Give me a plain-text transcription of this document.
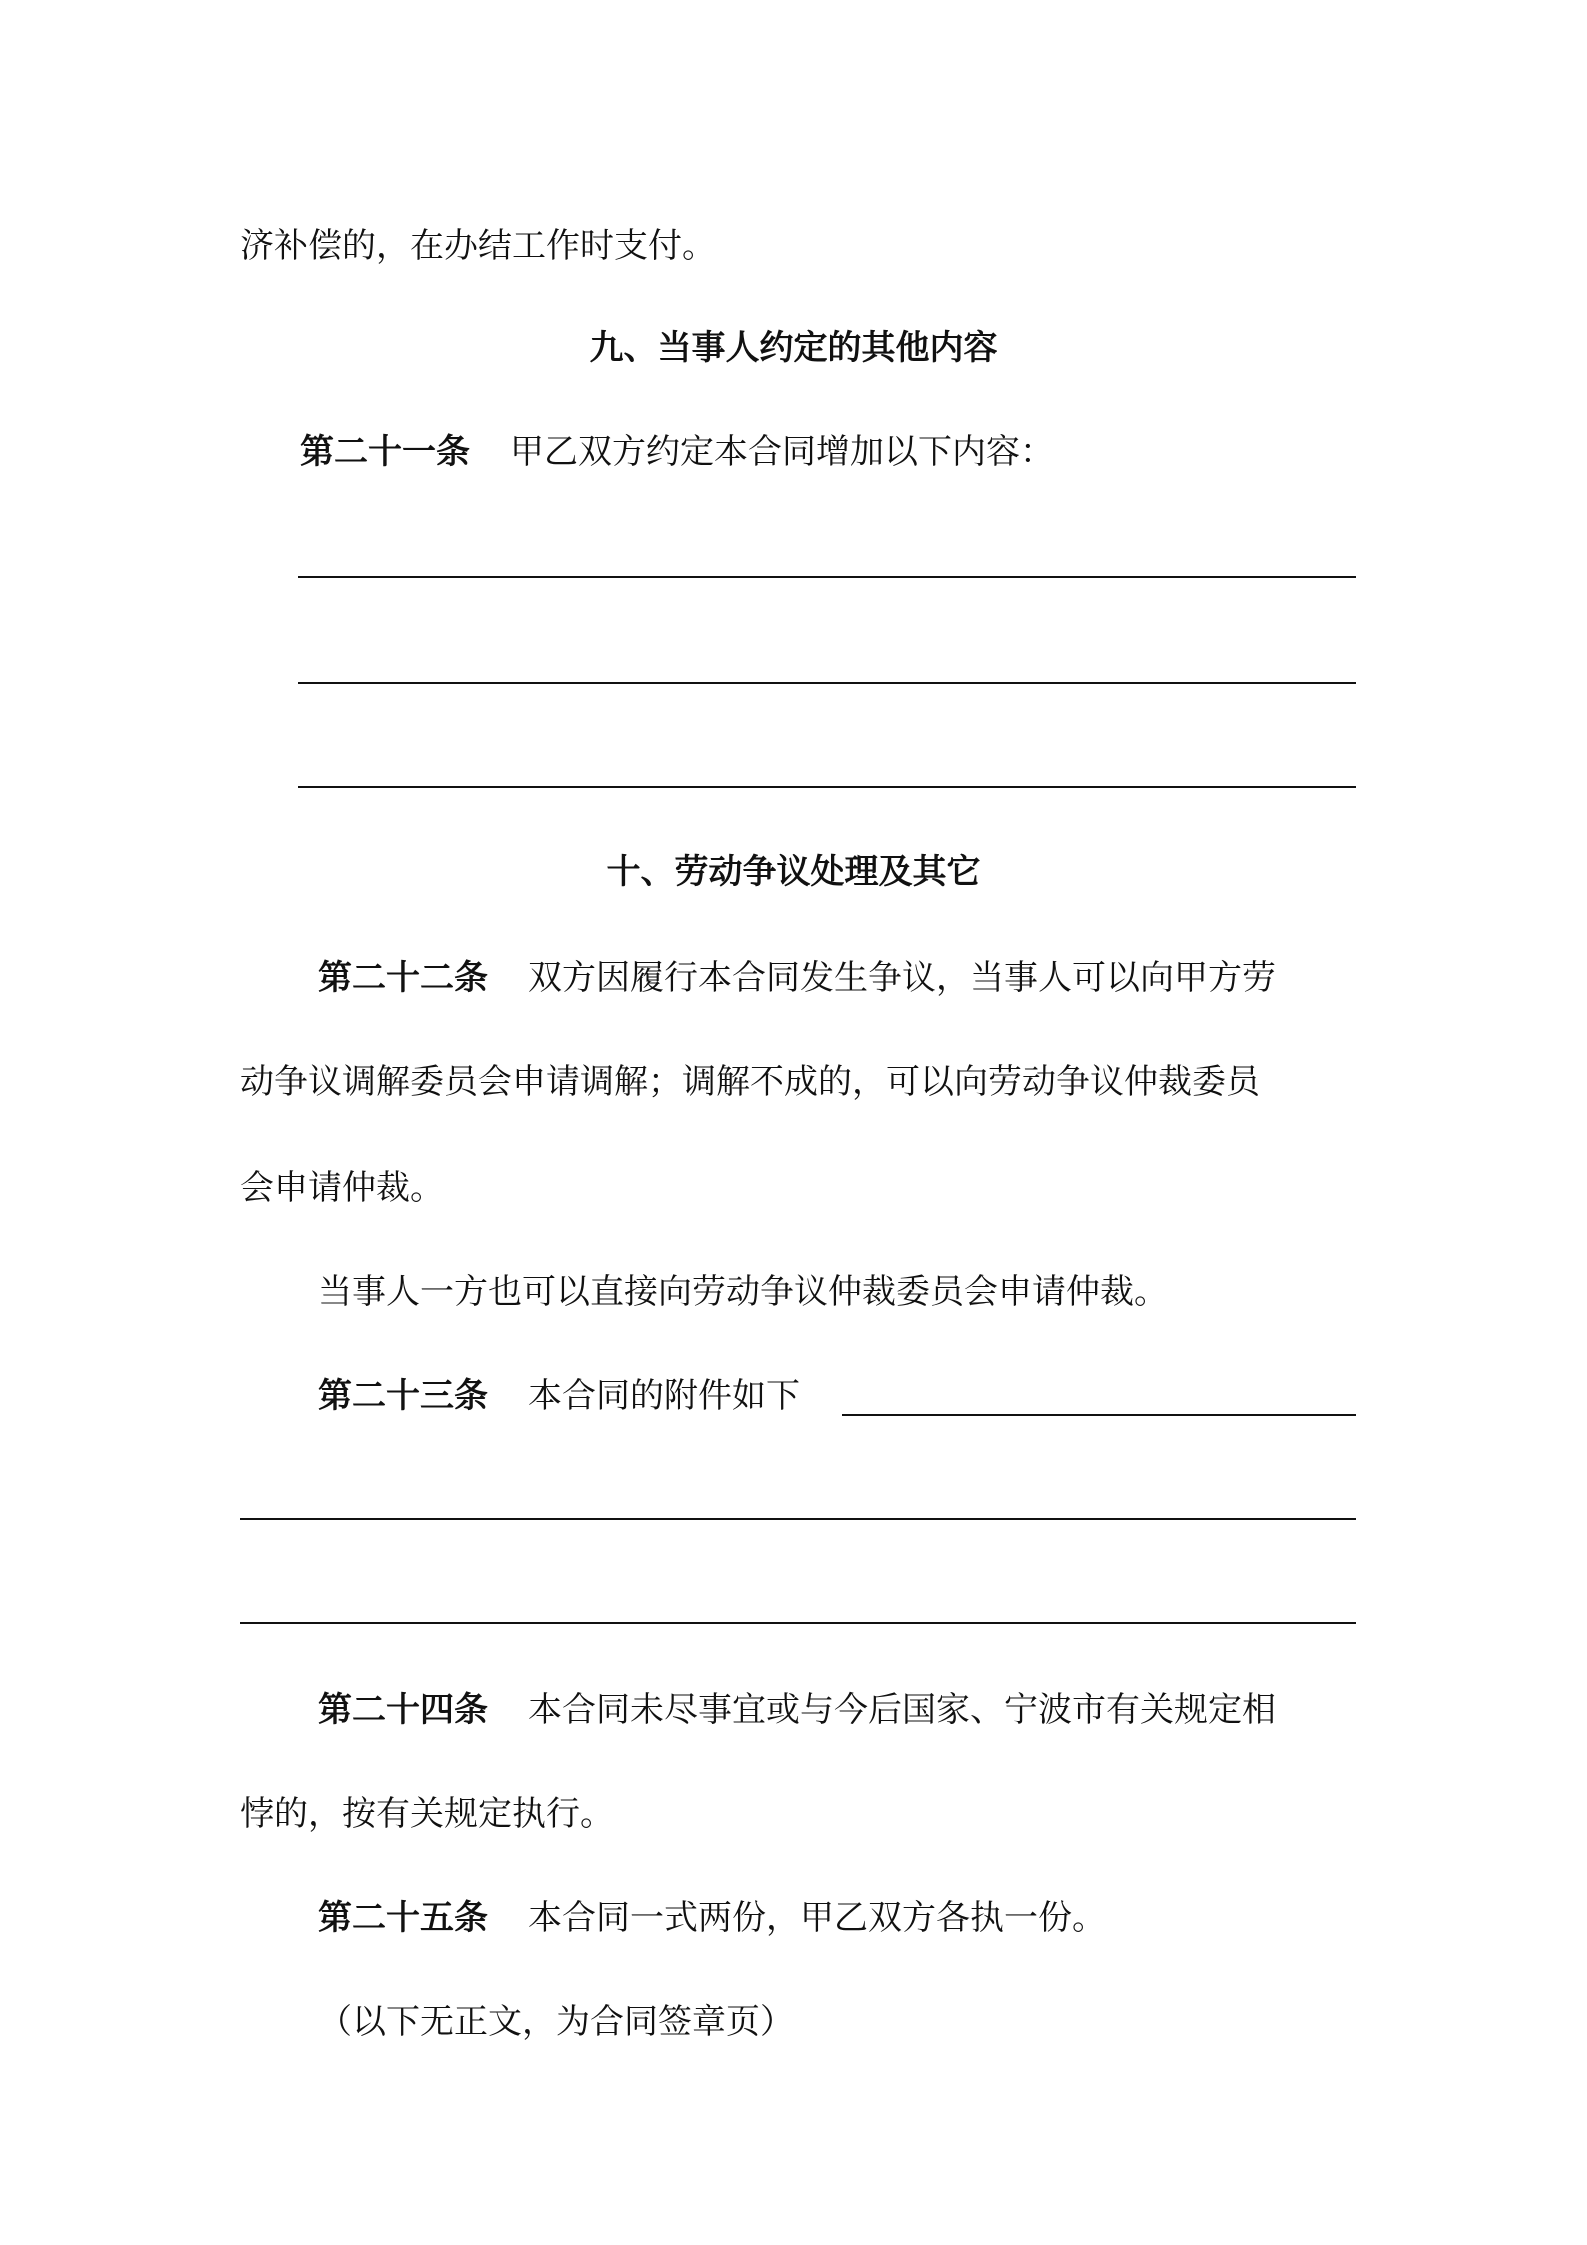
济补偿的，在办结工作时支付。
九、当事人约定的其他内容
第二十一条 甲乙双方约定本合同增加以下内容：
十、劳动争议处理及其它
第二十二条 双方因履行本合同发生争议，当事人可以向甲方劳
动争议调解委员会申请调解；调解不成的，可以向劳动争议仲裁委员
会申请仲裁。
当事人一方也可以直接向劳动争议仲裁委员会申请仲裁。
第二十三条 本合同的附件如下
第二十四条 本合同未尽事宜或与今后国家、宁波市有关规定相
悖的，按有关规定执行。
第二十五条 本合同一式两份，甲乙双方各执一份。
（以下无正文，为合同签章页）
